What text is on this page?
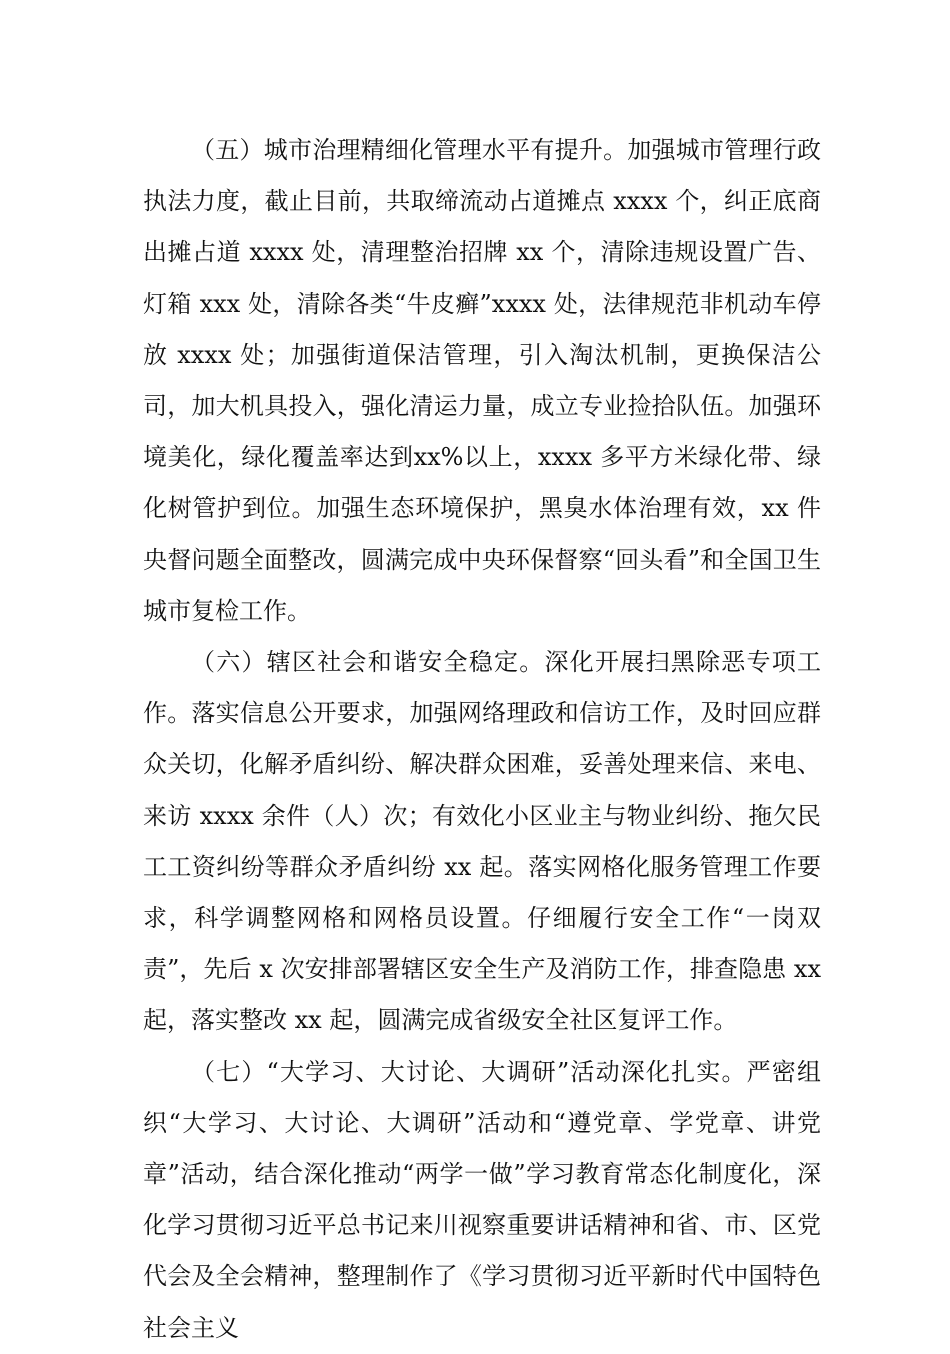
（五）城市治理精细化管理水平有提升。加强城市管理行政执法力度，截止目前，共取缔流动占道摊点 xxxx 个，纠正底商出摊占道 xxxx 处，清理整治招牌 xx 个，清除违规设置广告、灯箱 xxx 处，清除各类“牛皮癣”xxxx 处，法律规范非机动车停放 xxxx 处；加强街道保洁管理，引入淘汰机制，更换保洁公司，加大机具投入，强化清运力量，成立专业捡拾队伍。加强环境美化，绿化覆盖率达到xx%以上，xxxx 多平方米绿化带、绿化树管护到位。加强生态环境保护，黑臭水体治理有效，xx 件央督问题全面整改，圆满完成中央环保督察“回头看”和全国卫生城市复检工作。

（六）辖区社会和谐安全稳定。深化开展扫黑除恶专项工作。落实信息公开要求，加强网络理政和信访工作，及时回应群众关切，化解矛盾纠纷、解决群众困难，妥善处理来信、来电、来访 xxxx 余件（人）次；有效化小区业主与物业纠纷、拖欠民工工资纠纷等群众矛盾纠纷 xx 起。落实网格化服务管理工作要求，科学调整网格和网格员设置。仔细履行安全工作“一岗双责”，先后 x 次安排部署辖区安全生产及消防工作，排查隐患 xx 起，落实整改 xx 起，圆满完成省级安全社区复评工作。

（七）“大学习、大讨论、大调研”活动深化扎实。严密组织“大学习、大讨论、大调研”活动和“遵党章、学党章、讲党章”活动，结合深化推动“两学一做”学习教育常态化制度化，深化学习贯彻习近平总书记来川视察重要讲话精神和省、市、区党代会及全会精神，整理制作了《学习贯彻习近平新时代中国特色社会主义
